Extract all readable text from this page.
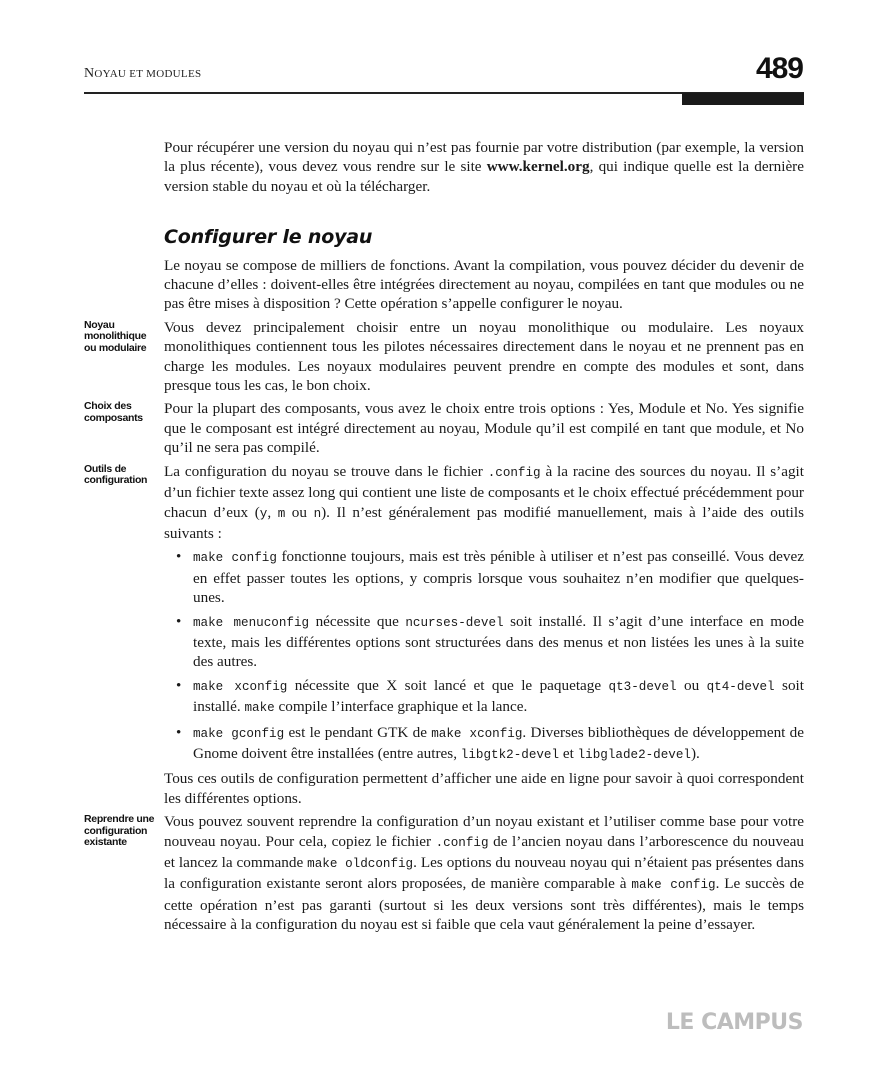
NOYAU ET MODULES	489

Pour récupérer une version du noyau qui n’est pas fournie par votre distribution (par exemple, la version la plus récente), vous devez vous rendre sur le site www.kernel.org, qui indique quelle est la dernière version stable du noyau et où la télécharger.

Configurer le noyau

Le noyau se compose de milliers de fonctions. Avant la compilation, vous pouvez décider du devenir de chacune d’elles : doivent-elles être intégrées directement au noyau, compilées en tant que modules ou ne pas être mises à disposition ? Cette opération s’appelle configurer le noyau.

Noyau monolithique ou modulaire

Vous devez principalement choisir entre un noyau monolithique ou modulaire. Les noyaux monolithiques contiennent tous les pilotes nécessaires directement dans le noyau et ne prennent pas en charge les modules. Les noyaux modulaires peuvent prendre en compte des modules et sont, dans presque tous les cas, le bon choix.

Choix des composants

Pour la plupart des composants, vous avez le choix entre trois options : Yes, Module et No. Yes signifie que le composant est intégré directement au noyau, Module qu’il est compilé en tant que module, et No qu’il ne sera pas compilé.

Outils de configuration

La configuration du noyau se trouve dans le fichier .config à la racine des sources du noyau. Il s’agit d’un fichier texte assez long qui contient une liste de composants et le choix effectué précédemment pour chacun d’eux (y, m ou n). Il n’est généralement pas modifié manuellement, mais à l’aide des outils suivants :

• make config fonctionne toujours, mais est très pénible à utiliser et n’est pas conseillé. Vous devez en effet passer toutes les options, y compris lorsque vous souhaitez n’en modifier que quelques-unes.
• make menuconfig nécessite que ncurses-devel soit installé. Il s’agit d’une interface en mode texte, mais les différentes options sont structurées dans des menus et non listées les unes à la suite des autres.
• make xconfig nécessite que X soit lancé et que le paquetage qt3-devel ou qt4-devel soit installé. make compile l’interface graphique et la lance.
• make gconfig est le pendant GTK de make xconfig. Diverses bibliothèques de développement de Gnome doivent être installées (entre autres, libgtk2-devel et libglade2-devel).

Tous ces outils de configuration permettent d’afficher une aide en ligne pour savoir à quoi correspondent les différentes options.

Reprendre une configuration existante

Vous pouvez souvent reprendre la configuration d’un noyau existant et l’utiliser comme base pour votre nouveau noyau. Pour cela, copiez le fichier .config de l’ancien noyau dans l’arborescence du nouveau et lancez la commande make oldconfig. Les options du nouveau noyau qui n’étaient pas présentes dans la configuration existante seront alors proposées, de manière comparable à make config. Le succès de cette opération n’est pas garanti (surtout si les deux versions sont très différentes), mais le temps nécessaire à la configuration du noyau est si faible que cela vaut généralement la peine d’essayer.

LE CAMPUS
